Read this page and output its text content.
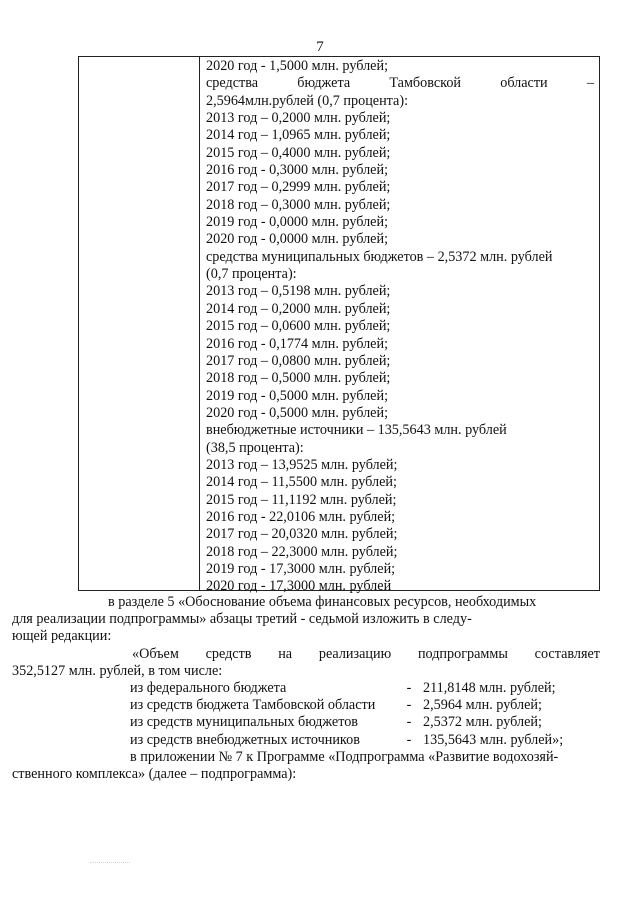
7
2020 год - 1,5000 млн. рублей;
средства	бюджета	Тамбовской	области	–
2,5964млн.рублей (0,7 процента):
2013 год – 0,2000 млн. рублей;
2014 год – 1,0965 млн. рублей;
2015 год – 0,4000 млн. рублей;
2016 год - 0,3000 млн. рублей;
2017 год – 0,2999 млн. рублей;
2018 год – 0,3000 млн. рублей;
2019 год - 0,0000 млн. рублей;
2020 год - 0,0000 млн. рублей;
средства муниципальных бюджетов – 2,5372 млн. рублей
(0,7 процента):
2013 год – 0,5198 млн. рублей;
2014 год – 0,2000 млн. рублей;
2015 год – 0,0600 млн. рублей;
2016 год - 0,1774 млн. рублей;
2017 год – 0,0800 млн. рублей;
2018 год – 0,5000 млн. рублей;
2019 год - 0,5000 млн. рублей;
2020 год - 0,5000 млн. рублей;
внебюджетные источники – 135,5643 млн. рублей
(38,5 процента):
2013 год – 13,9525 млн. рублей;
2014 год – 11,5500 млн. рублей;
2015 год – 11,1192 млн. рублей;
2016 год - 22,0106 млн. рублей;
2017 год – 20,0320 млн. рублей;
2018 год – 22,3000 млн. рублей;
2019 год - 17,3000 млн. рублей;
2020 год - 17,3000 млн. рублей
в разделе 5 «Обоснование объема финансовых ресурсов, необходимых
для реализации подпрограммы» абзацы третий - седьмой изложить в следу-
ющей редакции:
«Объем средств на реализацию подпрограммы составляет
352,5127 млн. рублей, в том числе:
из федерального бюджета	- 211,8148 млн. рублей;
из средств бюджета Тамбовской области	- 2,5964 млн. рублей;
из средств муниципальных бюджетов	- 2,5372 млн. рублей;
из средств внебюджетных источников	- 135,5643 млн. рублей»;
в приложении № 7 к Программе «Подпрограмма «Развитие водохозяй-
ственного комплекса» (далее – подпрограмма):
